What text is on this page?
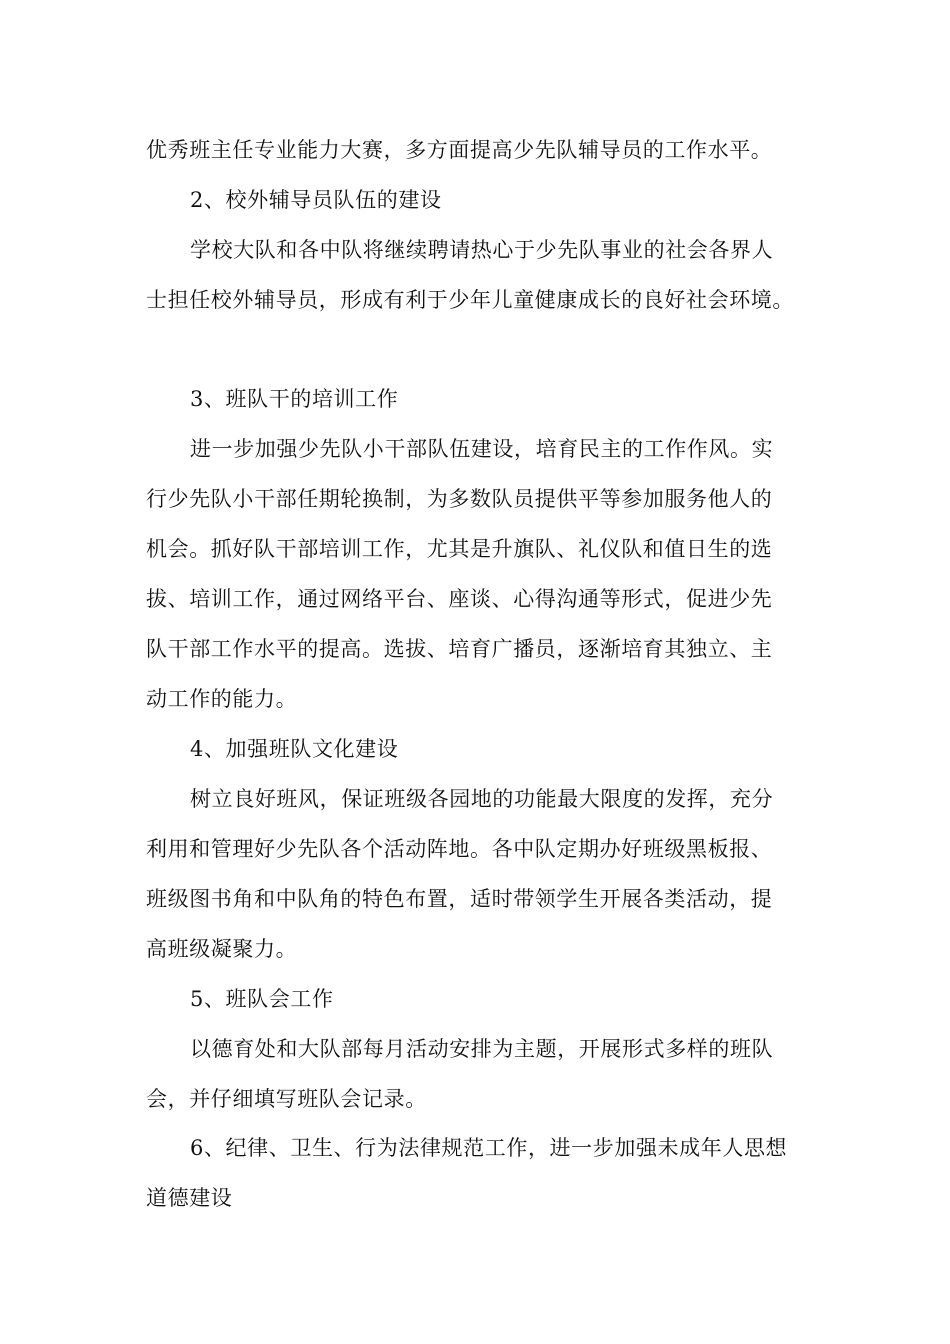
优秀班主任专业能力大赛，多方面提高少先队辅导员的工作水平。
2、校外辅导员队伍的建设
学校大队和各中队将继续聘请热心于少先队事业的社会各界人
士担任校外辅导员，形成有利于少年儿童健康成长的良好社会环境。
3、班队干的培训工作
进一步加强少先队小干部队伍建设，培育民主的工作作风。实
行少先队小干部任期轮换制，为多数队员提供平等参加服务他人的
机会。抓好队干部培训工作，尤其是升旗队、礼仪队和值日生的选
拔、培训工作，通过网络平台、座谈、心得沟通等形式，促进少先
队干部工作水平的提高。选拔、培育广播员，逐渐培育其独立、主
动工作的能力。
4、加强班队文化建设
树立良好班风，保证班级各园地的功能最大限度的发挥，充分
利用和管理好少先队各个活动阵地。各中队定期办好班级黑板报、
班级图书角和中队角的特色布置，适时带领学生开展各类活动，提
高班级凝聚力。
5、班队会工作
以德育处和大队部每月活动安排为主题，开展形式多样的班队
会，并仔细填写班队会记录。
6、纪律、卫生、行为法律规范工作，进一步加强未成年人思想
道德建设
